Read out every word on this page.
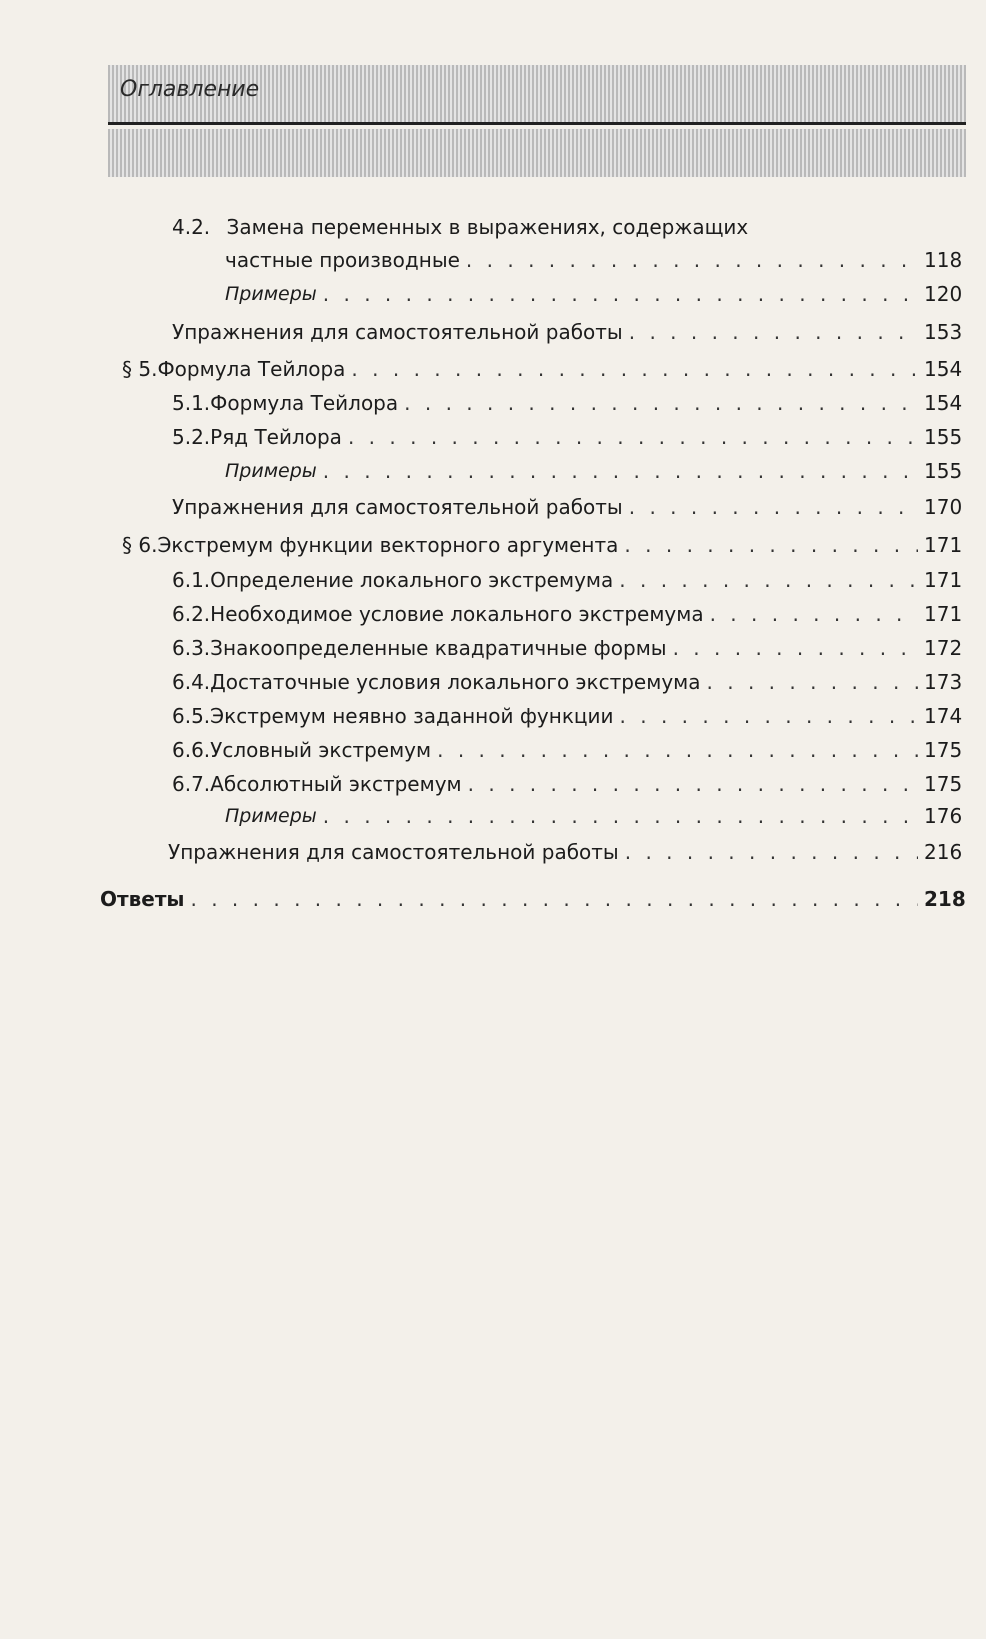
Оглавление
4.2. Замена переменных в выражениях, содержащих
частные производные . . .	118
Примеры . . .	120
Упражнения для самостоятельной работы . . .	153
§ 5. Формула Тейлора . . .	154
5.1. Формула Тейлора . . .	154
5.2. Ряд Тейлора . . .	155
Примеры . . .	155
Упражнения для самостоятельной работы . . .	170
§ 6. Экстремум функции векторного аргумента . . .	171
6.1. Определение локального экстремума . . .	171
6.2. Необходимое условие локального экстремума . . .	171
6.3. Знакоопределенные квадратичные формы . . .	172
6.4. Достаточные условия локального экстремума . . .	173
6.5. Экстремум неявно заданной функции . . .	174
6.6. Условный экстремум . . .	175
6.7. Абсолютный экстремум . . .	175
Примеры . . .	176
Упражнения для самостоятельной работы . . .	216
Ответы . . .	218
